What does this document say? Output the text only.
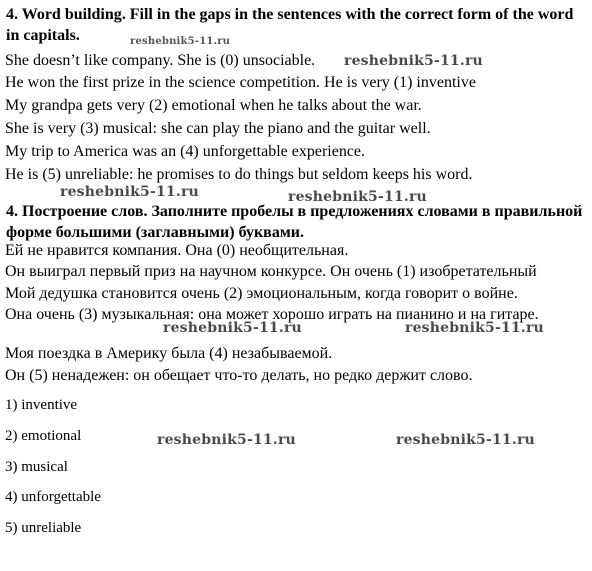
4. Word building. Fill in the gaps in the sentences with the correct form of the word in capitals.
She doesn’t like company. She is (0) unsociable.
He won the first prize in the science competition. He is very (1) inventive
My grandpa gets very (2) emotional when he talks about the war.
She is very (3) musical: she can play the piano and the guitar well.
My trip to America was an (4) unforgettable experience.
He is (5) unreliable: he promises to do things but seldom keeps his word.
4. Построение слов. Заполните пробелы в предложениях словами в правильной форме большими (заглавными) буквами.
Ей не нравится компания. Она (0) необщительная.
Он выиграл первый приз на научном конкурсе. Он очень (1) изобретательный
Мой дедушка становится очень (2) эмоциональным, когда говорит о войне.
Она очень (3) музыкальная: она может хорошо играть на пианино и на гитаре.
Моя поездка в Америку была (4) незабываемой.
Он (5) ненадежен: он обещает что-то делать, но редко держит слово.
1) inventive
2) emotional
3) musical
4) unforgettable
5) unreliable
reshebnik5-11.ru
reshebnik5-11.ru
reshebnik5-11.ru	reshebnik5-11.ru
reshebnik5-11.ru	reshebnik5-11.ru
reshebnik5-11.ru	reshebnik5-11.ru
